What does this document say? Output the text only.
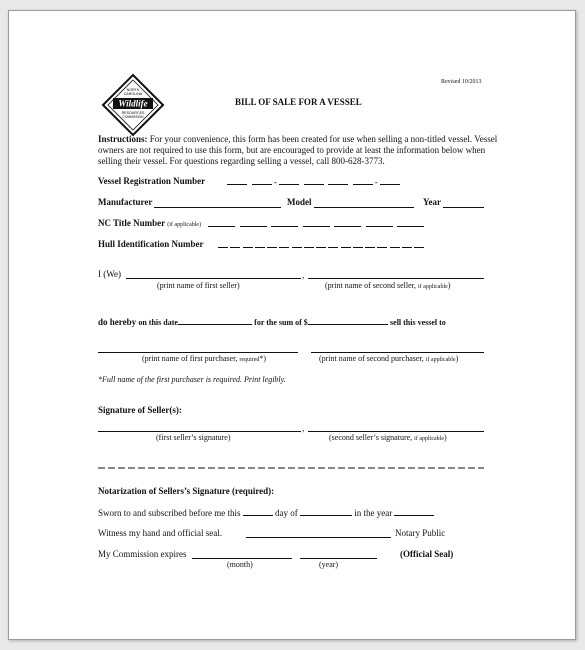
NORTH
CAROLINA
Wildlife
RESOURCES
COMMISSION
Revised 10/2013
BILL OF SALE FOR A VESSEL
Instructions: For your convenience, this form has been created for use when selling a non-titled vessel. Vessel owners are not required to use this form, but are encouraged to provide at least the information below when selling their vessel. For questions regarding selling a vessel, call 800-628-3773.
Vessel Registration Number	-	-
Manufacturer	Model	Year
NC Title Number (if applicable)

Hull Identification Number

I (We)	,
(print name of first seller)	(print name of second seller, if applicable)
do hereby on this date	for the sum of $	sell this vessel to
(print name of first purchaser, required*)	(print name of second purchaser, if applicable)
*Full name of the first purchaser is required. Print legibly.
Signature of Seller(s):
,
(first seller’s signature)	(second seller’s signature, if applicable)
Notarization of Sellers’s Signature (required):
Sworn to and subscribed before me this	day of	in the year
Witness my hand and official seal.	Notary Public
My Commission expires	(Official Seal)
(month)	(year)
